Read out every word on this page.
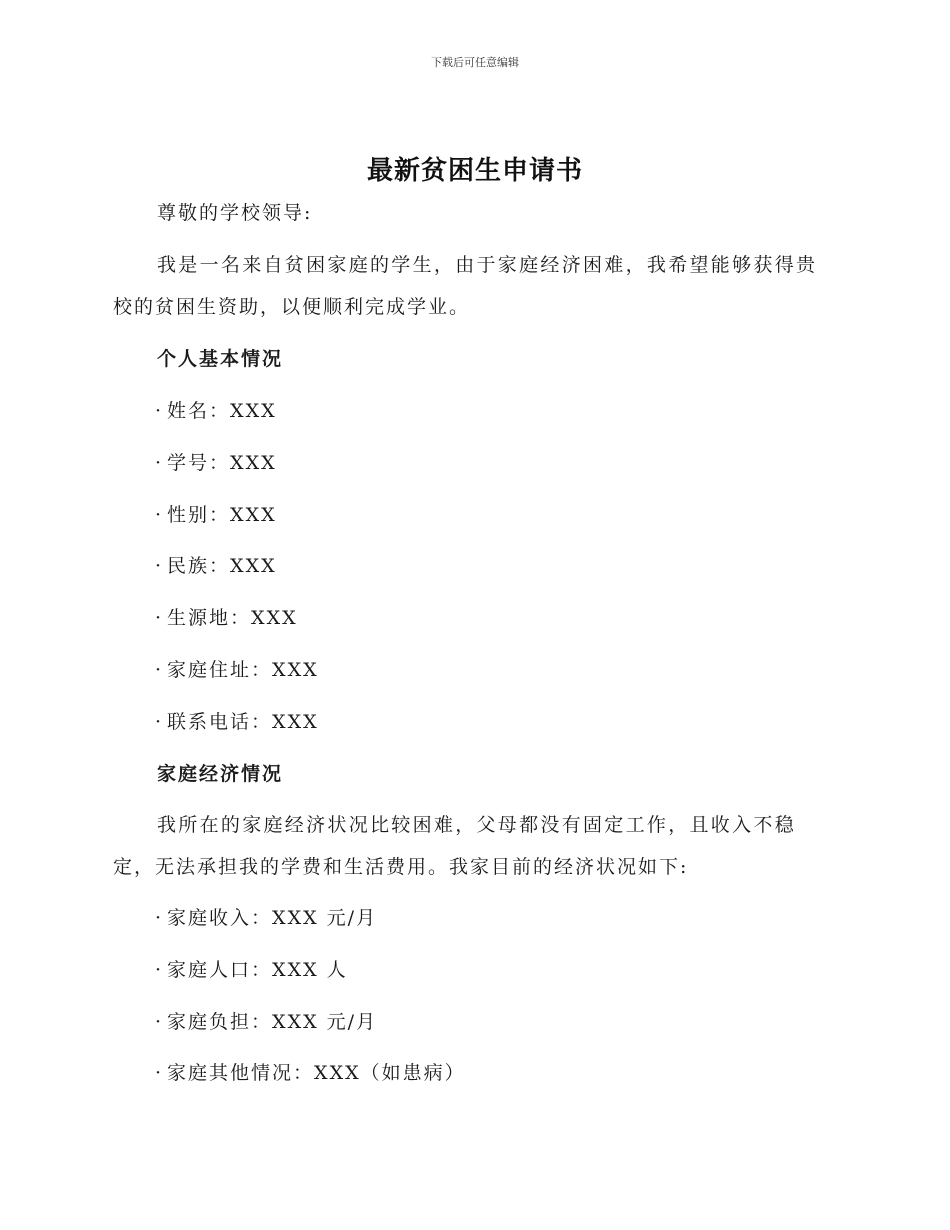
下载后可任意编辑
最新贫困生申请书
尊敬的学校领导:
我是一名来自贫困家庭的学生，由于家庭经济困难，我希望能够获得贵
校的贫困生资助，以便顺利完成学业。
个人基本情况
· 姓名：XXX
· 学号：XXX
· 性别：XXX
· 民族：XXX
· 生源地：XXX
· 家庭住址：XXX
· 联系电话：XXX
家庭经济情况
我所在的家庭经济状况比较困难，父母都没有固定工作，且收入不稳
定，无法承担我的学费和生活费用。我家目前的经济状况如下:
· 家庭收入：XXX 元/月
· 家庭人口：XXX 人
· 家庭负担：XXX 元/月
· 家庭其他情况：XXX（如患病）
